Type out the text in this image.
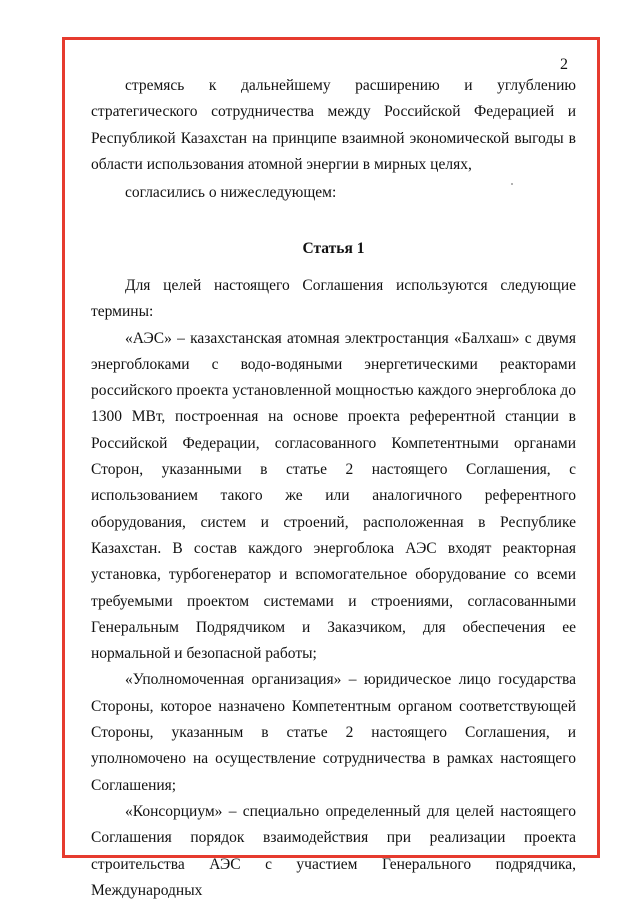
2

стремясь к дальнейшему расширению и углублению стратегического сотрудничества между Российской Федерацией и Республикой Казахстан на принципе взаимной экономической выгоды в области использования атомной энергии в мирных целях,

согласились о нижеследующем:

Статья 1

Для целей настоящего Соглашения используются следующие термины:

«АЭС» – казахстанская атомная электростанция «Балхаш» с двумя энергоблоками с водо-водяными энергетическими реакторами российского проекта установленной мощностью каждого энергоблока до 1300 МВт, построенная на основе проекта референтной станции в Российской Федерации, согласованного Компетентными органами Сторон, указанными в статье 2 настоящего Соглашения, с использованием такого же или аналогичного референтного оборудования, систем и строений, расположенная в Республике Казахстан. В состав каждого энергоблока АЭС входят реакторная установка, турбогенератор и вспомогательное оборудование со всеми требуемыми проектом системами и строениями, согласованными Генеральным Подрядчиком и Заказчиком, для обеспечения ее нормальной и безопасной работы;

«Уполномоченная организация» – юридическое лицо государства Стороны, которое назначено Компетентным органом соответствующей Стороны, указанным в статье 2 настоящего Соглашения, и уполномочено на осуществление сотрудничества в рамках настоящего Соглашения;

«Консорциум» – специально определенный для целей настоящего Соглашения порядок взаимодействия при реализации проекта строительства АЭС с участием Генерального подрядчика, Международных
